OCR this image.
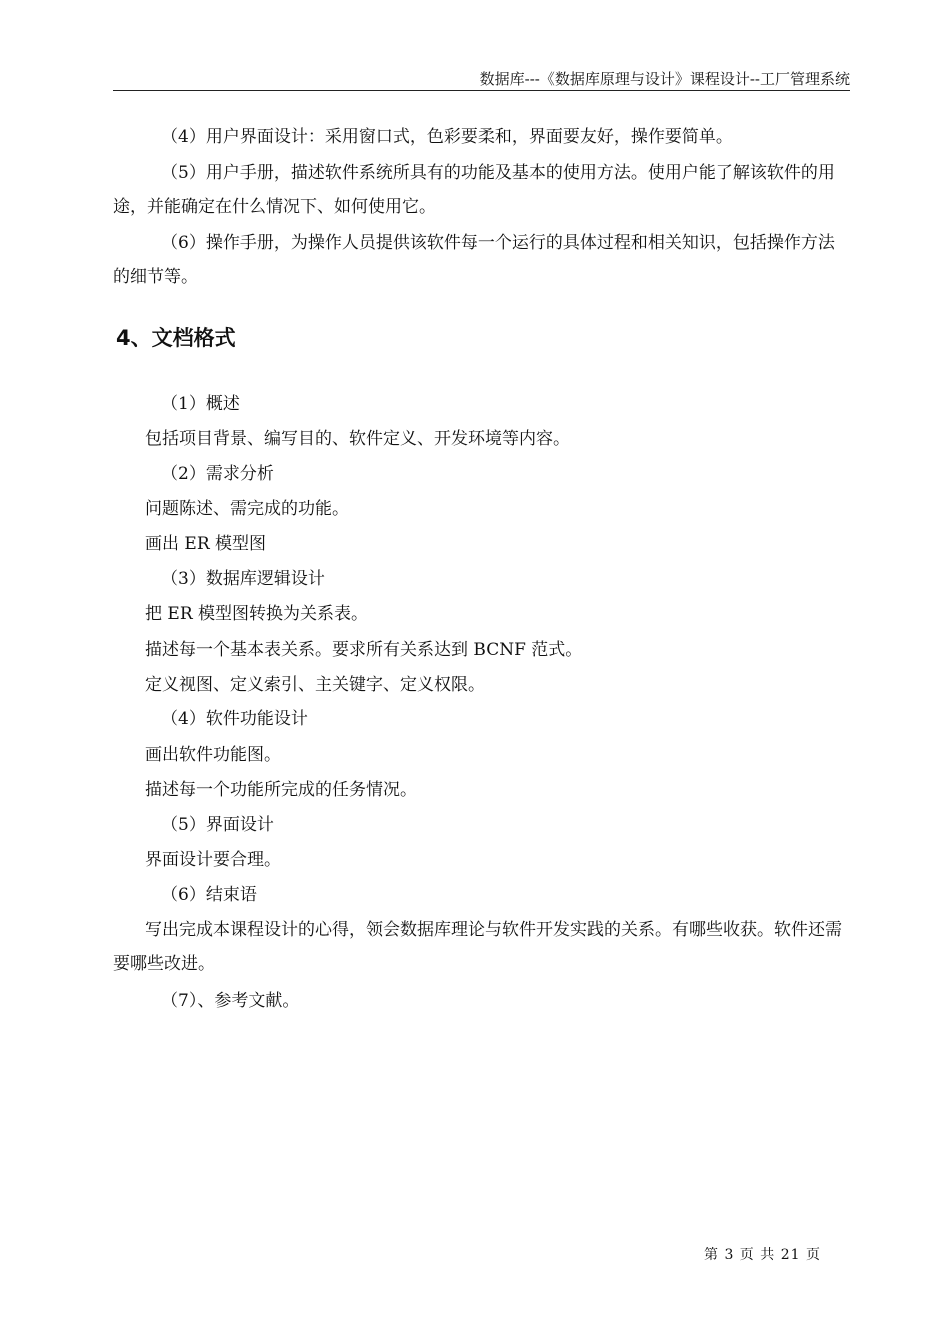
数据库---《数据库原理与设计》课程设计--工厂管理系统
（4）用户界面设计：采用窗口式，色彩要柔和，界面要友好，操作要简单。
（5）用户手册，描述软件系统所具有的功能及基本的使用方法。使用户能了解该软件的用途，并能确定在什么情况下、如何使用它。
（6）操作手册，为操作人员提供该软件每一个运行的具体过程和相关知识，包括操作方法的细节等。
4、文档格式
（1）概述
包括项目背景、编写目的、软件定义、开发环境等内容。
（2）需求分析
问题陈述、需完成的功能。
画出 ER 模型图
（3）数据库逻辑设计
把 ER 模型图转换为关系表。
描述每一个基本表关系。要求所有关系达到 BCNF 范式。
定义视图、定义索引、主关键字、定义权限。
（4）软件功能设计
画出软件功能图。
描述每一个功能所完成的任务情况。
（5）界面设计
界面设计要合理。
（6）结束语
写出完成本课程设计的心得，领会数据库理论与软件开发实践的关系。有哪些收获。软件还需要哪些改进。
（7）、参考文献。
第 3 页 共 21 页
